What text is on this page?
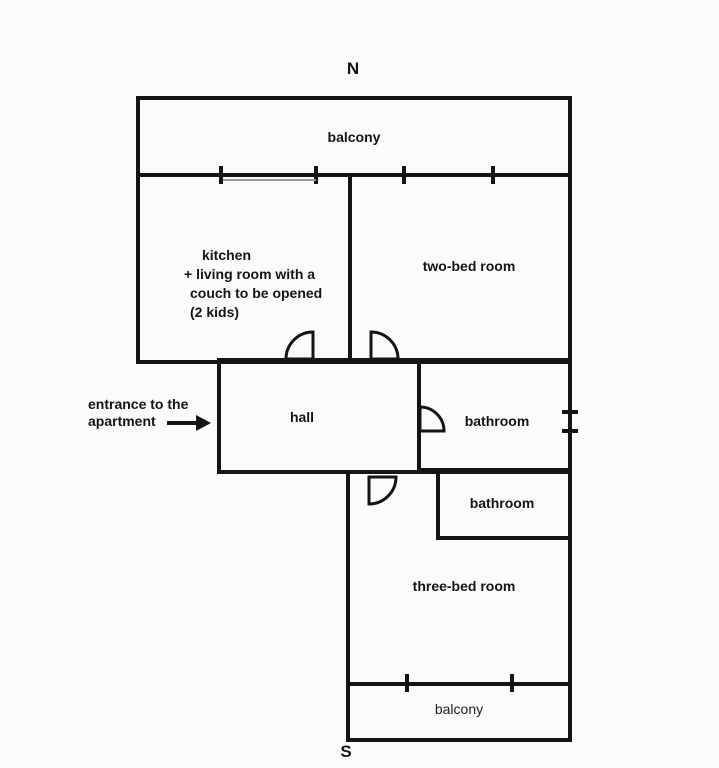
N
S
balcony
kitchen
+ living room with a
couch to be opened
(2 kids)
two-bed room
entrance to the
apartment	hall	bathroom
bathroom
three-bed room
balcony
